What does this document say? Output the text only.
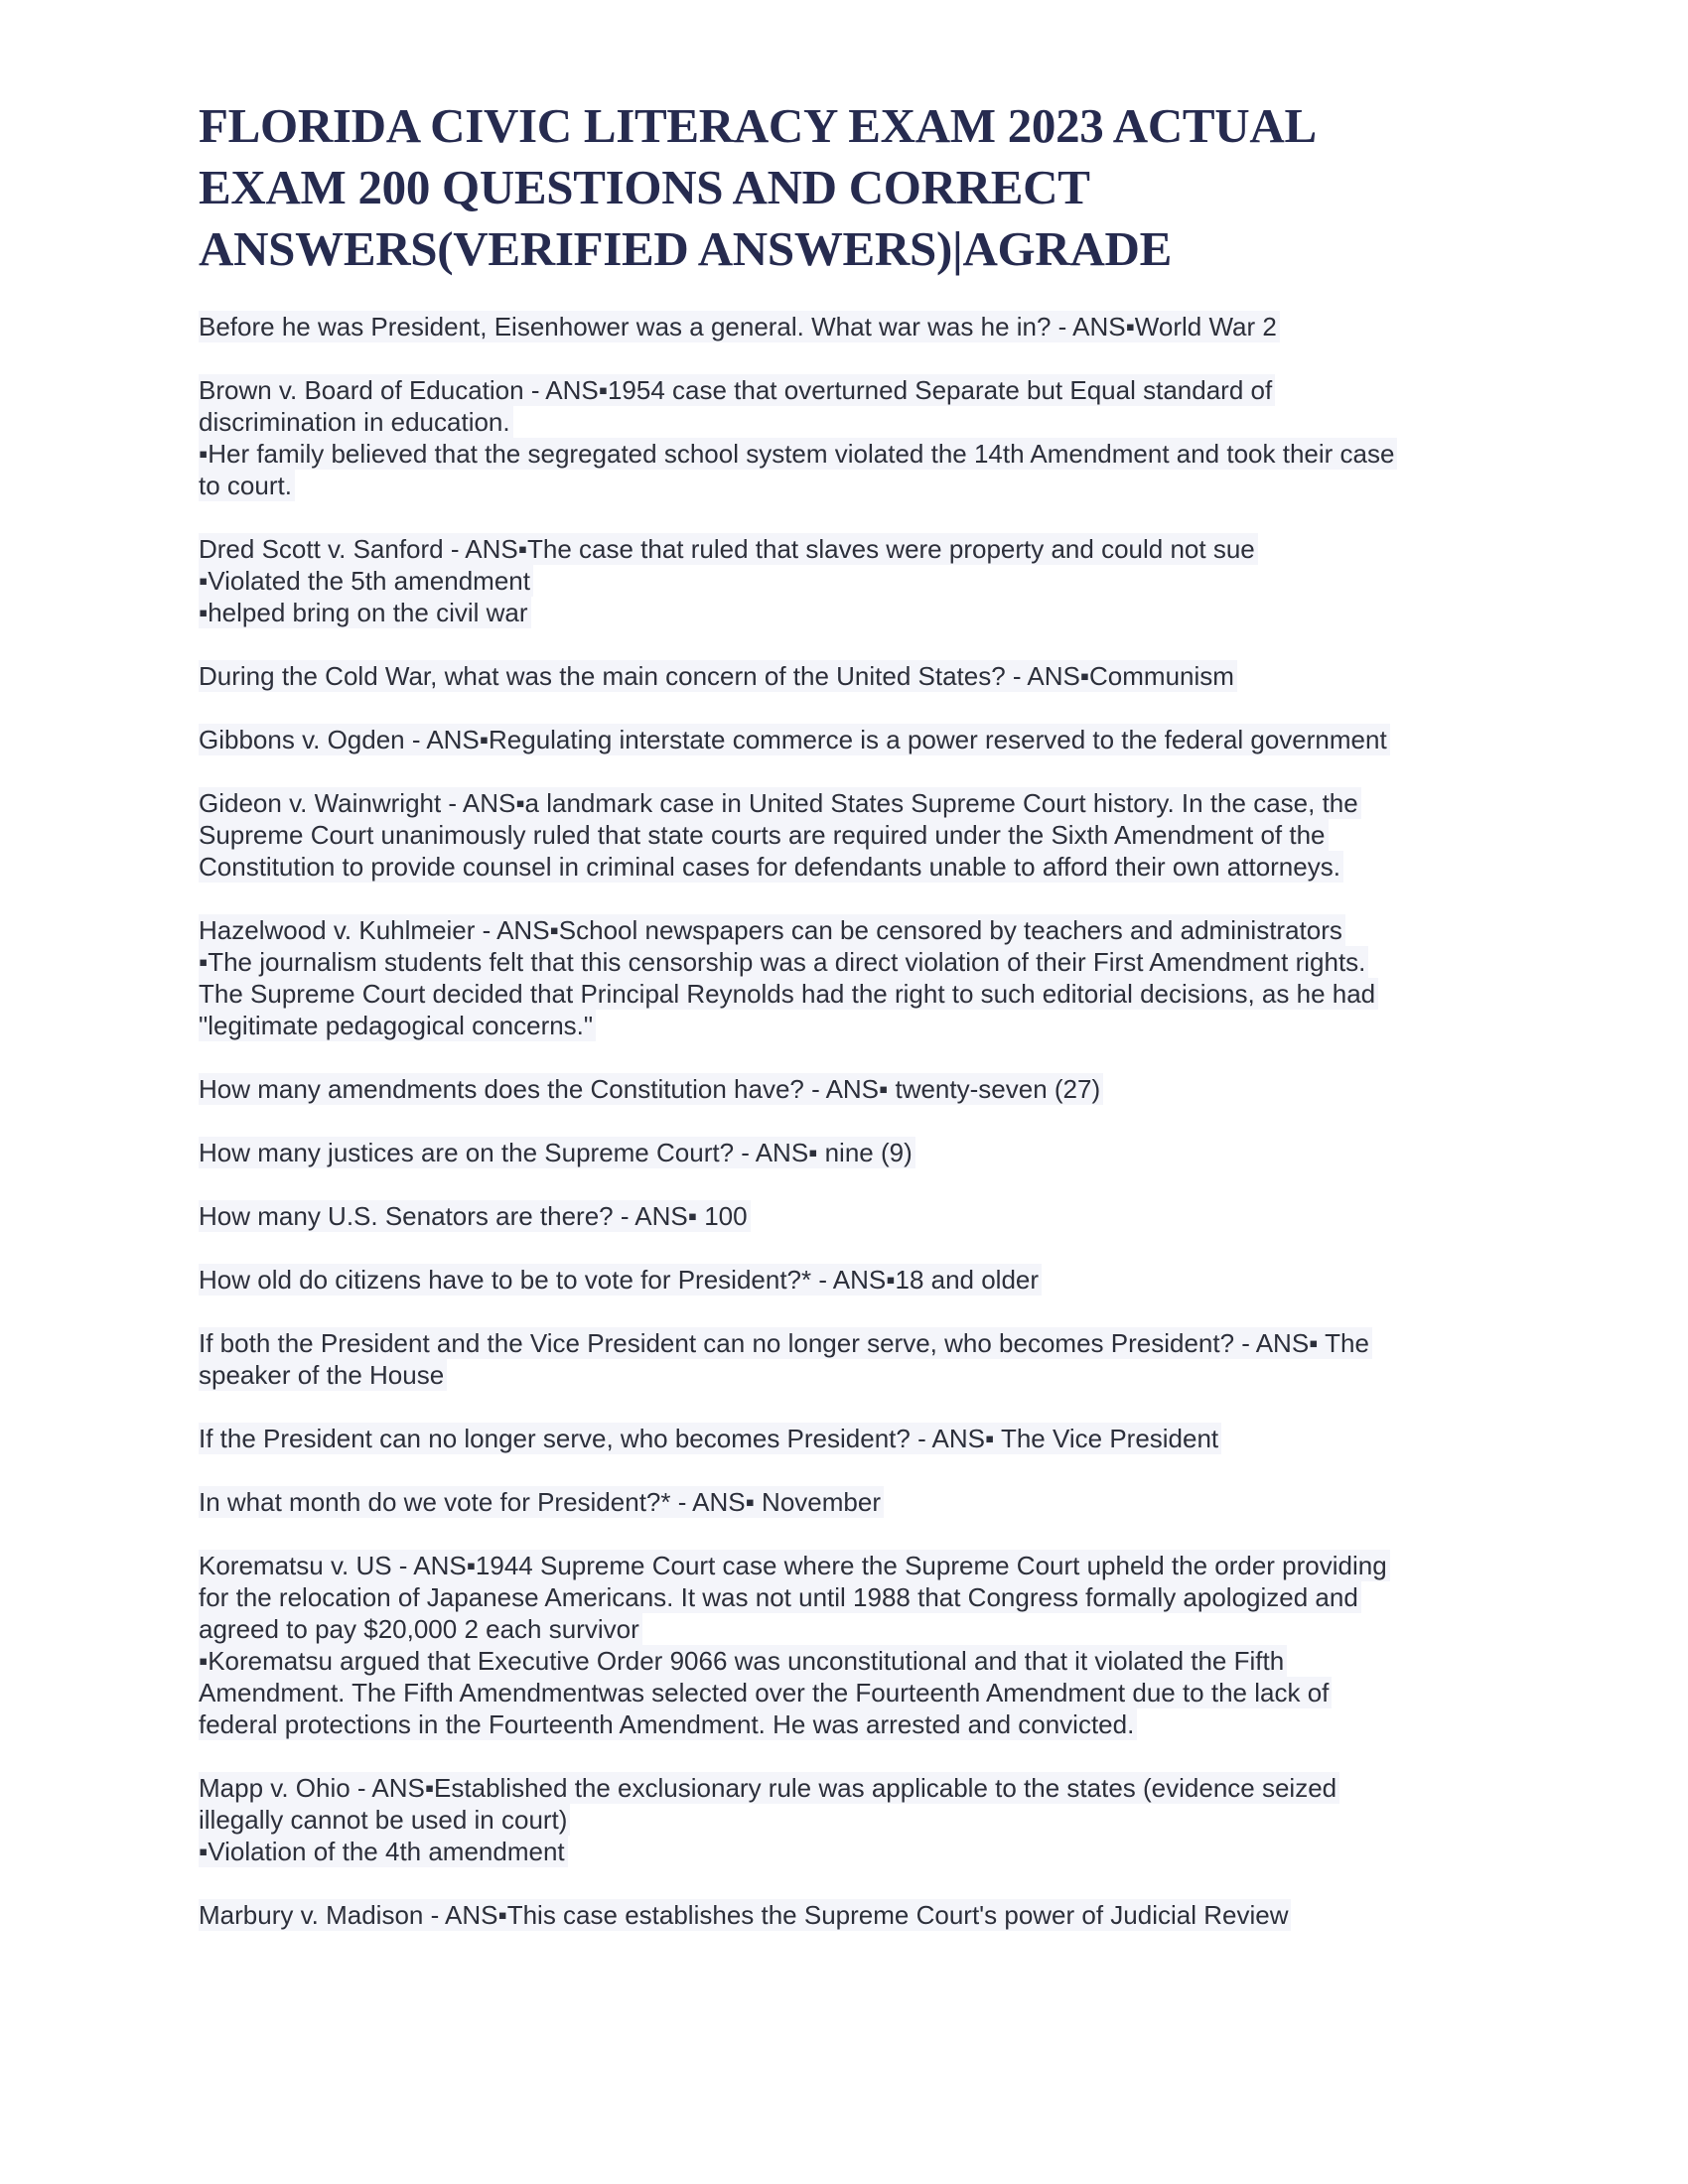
FLORIDA CIVIC LITERACY EXAM 2023 ACTUAL
EXAM 200 QUESTIONS AND CORRECT
ANSWERS(VERIFIED ANSWERS)|AGRADE
Before he was President, Eisenhower was a general. What war was he in? - ANS▪World War 2
Brown v. Board of Education - ANS▪1954 case that overturned Separate but Equal standard of
discrimination in education.
▪Her family believed that the segregated school system violated the 14th Amendment and took their case
to court.
Dred Scott v. Sanford - ANS▪The case that ruled that slaves were property and could not sue
▪Violated the 5th amendment
▪helped bring on the civil war
During the Cold War, what was the main concern of the United States? - ANS▪Communism
Gibbons v. Ogden - ANS▪Regulating interstate commerce is a power reserved to the federal government
Gideon v. Wainwright - ANS▪a landmark case in United States Supreme Court history. In the case, the
Supreme Court unanimously ruled that state courts are required under the Sixth Amendment of the
Constitution to provide counsel in criminal cases for defendants unable to afford their own attorneys.
Hazelwood v. Kuhlmeier - ANS▪School newspapers can be censored by teachers and administrators
▪The journalism students felt that this censorship was a direct violation of their First Amendment rights.
The Supreme Court decided that Principal Reynolds had the right to such editorial decisions, as he had
"legitimate pedagogical concerns."
How many amendments does the Constitution have? - ANS▪ twenty-seven (27)
How many justices are on the Supreme Court? - ANS▪ nine (9)
How many U.S. Senators are there? - ANS▪ 100
How old do citizens have to be to vote for President?* - ANS▪18 and older
If both the President and the Vice President can no longer serve, who becomes President? - ANS▪ The
speaker of the House
If the President can no longer serve, who becomes President? - ANS▪ The Vice President
In what month do we vote for President?* - ANS▪ November
Korematsu v. US - ANS▪1944 Supreme Court case where the Supreme Court upheld the order providing
for the relocation of Japanese Americans. It was not until 1988 that Congress formally apologized and
agreed to pay $20,000 2 each survivor
▪Korematsu argued that Executive Order 9066 was unconstitutional and that it violated the Fifth
Amendment. The Fifth Amendmentwas selected over the Fourteenth Amendment due to the lack of
federal protections in the Fourteenth Amendment. He was arrested and convicted.
Mapp v. Ohio - ANS▪Established the exclusionary rule was applicable to the states (evidence seized
illegally cannot be used in court)
▪Violation of the 4th amendment
Marbury v. Madison - ANS▪This case establishes the Supreme Court's power of Judicial Review
